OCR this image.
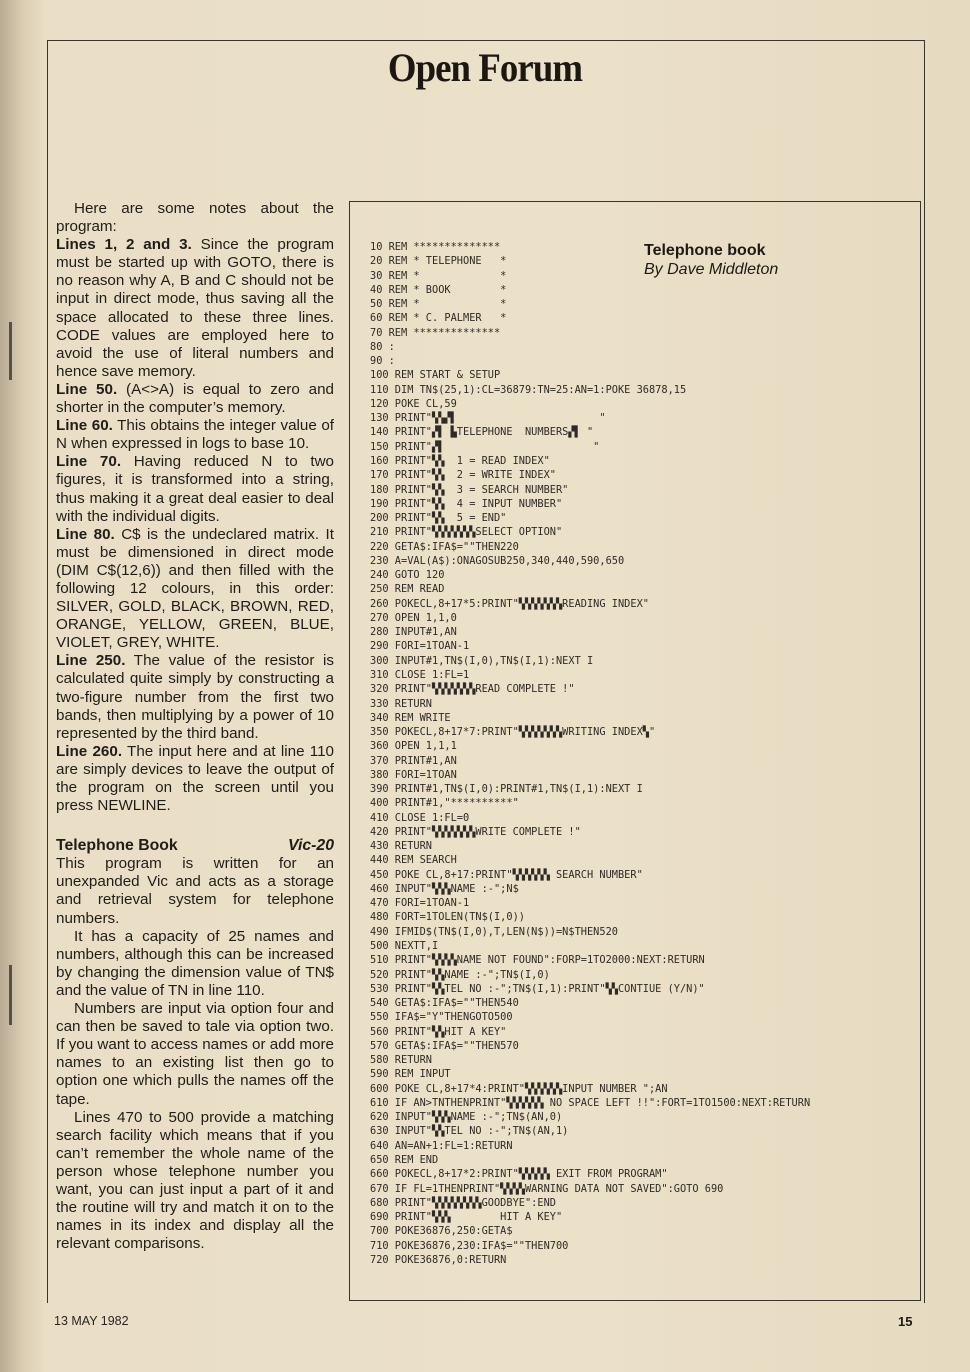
Open Forum

Here are some notes about the program:

Lines 1, 2 and 3. Since the program must be started up with GOTO, there is no reason why A, B and C should not be input in direct mode, thus saving all the space allocated to these three lines. CODE values are employed here to avoid the use of literal numbers and hence save memory.

Line 50. (A<>A) is equal to zero and shorter in the computer’s memory.

Line 60. This obtains the integer value of N when expressed in logs to base 10.

Line 70. Having reduced N to two figures, it is transformed into a string, thus making it a great deal easier to deal with the individual digits.

Line 80. C$ is the undeclared matrix. It must be dimensioned in direct mode (DIM C$(12,6)) and then filled with the following 12 colours, in this order: SILVER, GOLD, BLACK, BROWN, RED, ORANGE, YELLOW, GREEN, BLUE, VIOLET, GREY, WHITE.

Line 250. The value of the resistor is calculated quite simply by constructing a two-figure number from the first two bands, then multiplying by a power of 10 represented by the third band.

Line 260. The input here and at line 110 are simply devices to leave the output of the program on the screen until you press NEWLINE.

Telephone Book	Vic-20

This program is written for an unexpanded Vic and acts as a storage and retrieval system for telephone numbers.

It has a capacity of 25 names and numbers, although this can be increased by changing the dimension value of TN$ and the value of TN in line 110.

Numbers are input via option four and can then be saved to tale via option two. If you want to access names or add more names to an existing list then go to option one which pulls the names off the tape.

Lines 470 to 500 provide a matching search facility which means that if you can’t remember the whole name of the person whose telephone number you want, you can just input a part of it and the routine will try and match it on to the names in its index and display all the relevant comparisons.

Telephone book
By Dave Middleton
10 REM **************
20 REM * TELEPHONE   *
30 REM *             *
40 REM * BOOK        *
50 REM *             *
60 REM * C. PALMER   *
70 REM **************
80 :
90 :
100 REM START & SETUP
110 DIM TN$(25,1):CL=36879:TN=25:AN=1:POKE 36878,15
120 POKE CL,59
130 PRINT"▚▚▞▌                       "
140 PRINT"▞▌ ▙TELEPHONE  NUMBERS▞▌ "
150 PRINT"▞▌                        "
160 PRINT"▚▚  1 = READ INDEX"
170 PRINT"▚▚  2 = WRITE INDEX"
180 PRINT"▚▚  3 = SEARCH NUMBER"
190 PRINT"▚▚  4 = INPUT NUMBER"
200 PRINT"▚▚  5 = END"
210 PRINT"▚▚▚▚▚▚▚SELECT OPTION"
220 GETA$:IFA$=""THEN220
230 A=VAL(A$):ONAGOSUB250,340,440,590,650
240 GOTO 120
250 REM READ
260 POKECL,8+17*5:PRINT"▚▚▚▚▚▚▚READING INDEX"
270 OPEN 1,1,0
280 INPUT#1,AN
290 FORI=1TOAN-1
300 INPUT#1,TN$(I,0),TN$(I,1):NEXT I
310 CLOSE 1:FL=1
320 PRINT"▚▚▚▚▚▚▚READ COMPLETE !"
330 RETURN
340 REM WRITE
350 POKECL,8+17*7:PRINT"▚▚▚▚▚▚▚WRITING INDEX▚"
360 OPEN 1,1,1
370 PRINT#1,AN
380 FORI=1TOAN
390 PRINT#1,TN$(I,0):PRINT#1,TN$(I,1):NEXT I
400 PRINT#1,"**********"
410 CLOSE 1:FL=0
420 PRINT"▚▚▚▚▚▚▚WRITE COMPLETE !"
430 RETURN
440 REM SEARCH
450 POKE CL,8+17:PRINT"▚▚▚▚▚▚ SEARCH NUMBER"
460 INPUT"▚▚▚NAME :-";N$
470 FORI=1TOAN-1
480 FORT=1TOLEN(TN$(I,0))
490 IFMID$(TN$(I,0),T,LEN(N$))=N$THEN520
500 NEXTT,I
510 PRINT"▚▚▚▚NAME NOT FOUND":FORP=1TO2000:NEXT:RETURN
520 PRINT"▚▚NAME :-";TN$(I,0)
530 PRINT"▚▚TEL NO :-";TN$(I,1):PRINT"▚▚CONTIUE (Y/N)"
540 GETA$:IFA$=""THEN540
550 IFA$="Y"THENGOTO500
560 PRINT"▚▚HIT A KEY"
570 GETA$:IFA$=""THEN570
580 RETURN
590 REM INPUT
600 POKE CL,8+17*4:PRINT"▚▚▚▚▚▚INPUT NUMBER ";AN
610 IF AN>TNTHENPRINT"▚▚▚▚▚▚ NO SPACE LEFT !!":FORT=1TO1500:NEXT:RETURN
620 INPUT"▚▚▚NAME :-";TN$(AN,0)
630 INPUT"▚▚TEL NO :-";TN$(AN,1)
640 AN=AN+1:FL=1:RETURN
650 REM END
660 POKECL,8+17*2:PRINT"▚▚▚▚▚ EXIT FROM PROGRAM"
670 IF FL=1THENPRINT"▚▚▚▚WARNING DATA NOT SAVED":GOTO 690
680 PRINT"▚▚▚▚▚▚▚▚GOODBYE":END
690 PRINT"▚▚▚        HIT A KEY"
700 POKE36876,250:GETA$
710 POKE36876,230:IFA$=""THEN700
720 POKE36876,0:RETURN
13 MAY 1982	15
